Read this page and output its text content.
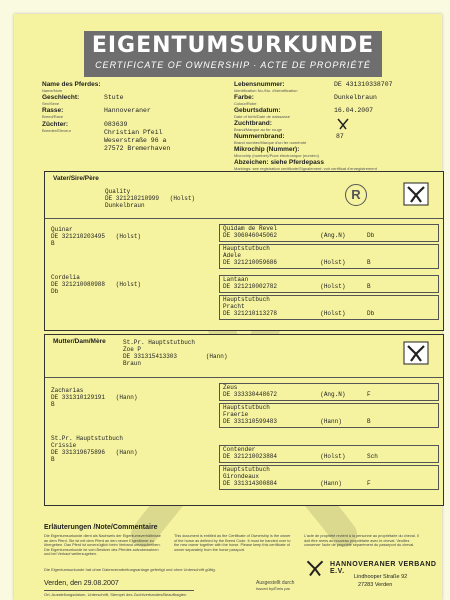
EIGENTUMSURKUNDE
CERTIFICATE OF OWNERSHIP · ACTE DE PROPRIÉTÉ
Name des Pferdes:
Name/Nom
Geschlecht:
Sex/Sexe
Stute
Rasse:
Breed/Race
Hannoveraner
Züchter:
Breeder/Eleveur
083639
Christian Pfeil
Weserstraße 96 a
27572 Bremerhaven
Lebensnummer:
Identification No./No. d'identification
DE 431310338707
Farbe:
Colour/Robe
Dunkelbraun
Geburtsdatum:
Date of birth/Date de naissance
16.04.2007
Zuchtbrand:
Brand/Marque au fer rouge
Nummernbrand:
Brand number/Marque d'un fer numéroté
87
Mikrochip (Nummer):
Microchip (number)/Puce électronique (numéro)
Abzeichen: siehe Pferdepass
Markings: see registration certificate/Signalement: voir certificat d'enregistrement
Vater/Sire/Père
Quality
DE 321210210999   (Holst)
Dunkelbraun
R
Quinar
DE 321210203495   (Holst)
B
Cordelia
DE 321210080988   (Holst)
Db
Quidam de Revel
DE 306046045062            (Ang.N)      Db
Hauptstutbuch
Adele
DE 321210059686            (Holst)      B
Lantaan
DE 321210002782            (Holst)      B
Hauptstutbuch
Pracht
DE 321210113278            (Holst)      Db
Mutter/Dam/Mère	St.Pr. Hauptstutbuch
Zoe P
DE 331315413303        (Hann)
Braun
Zacharias
DE 331310129191   (Hann)
B
St.Pr. Hauptstutbuch
Crissie
DE 331319675896   (Hann)
B
Zeus
DE 333330448672            (Ang.N)      F
Hauptstutbuch
Fraerie
DE 331310599483            (Hann)       B
Contender
DE 321210023884            (Holst)      Sch
Hauptstutbuch
Girondeaux
DE 331314300884            (Hann)       F
Erläuterungen /Note/Commentaire
Die Eigentumsurkunde dient als Nachweis der Eigentumsverhältnisse an dem Pferd. Sie ist mit dem Pferd an den neuen Eigentümer zu übergeben. Das Pferd ist unverzüglich beim Verband umzuschreiben. Die Eigentumsurkunde ist vom Besitzer des Pferdes aufzubewahren und bei Verkauf weiterzugeben.
This document is entitled as the Certificate of Ownership is the owner of the horse as defined by the Breed Code. It must be handed over to the new owner together with the horse. Please keep this certificate of owner separately from the horse passport.
L'acte de propriété revient à la personne au propriétaire du cheval. Il doit être remis au nouveau propriétaire avec le cheval. Veuillez conserver l'acte de propriété séparément du passeport du cheval.
Die Eigentumsurkunde hat ohne Datenverarbeitungsanlage gefertigt und ohne Unterschrift gültig.
Verden, den 29.08.2007
Ort, Ausstellungsdatum, Unterschrift, Stempel des Zuchtverbandes/Beauftragten
Ausgestellt durch
Issued by/Émis par
HANNOVERANER VERBAND E.V.
Lindhooper Straße 92
27283 Verden
